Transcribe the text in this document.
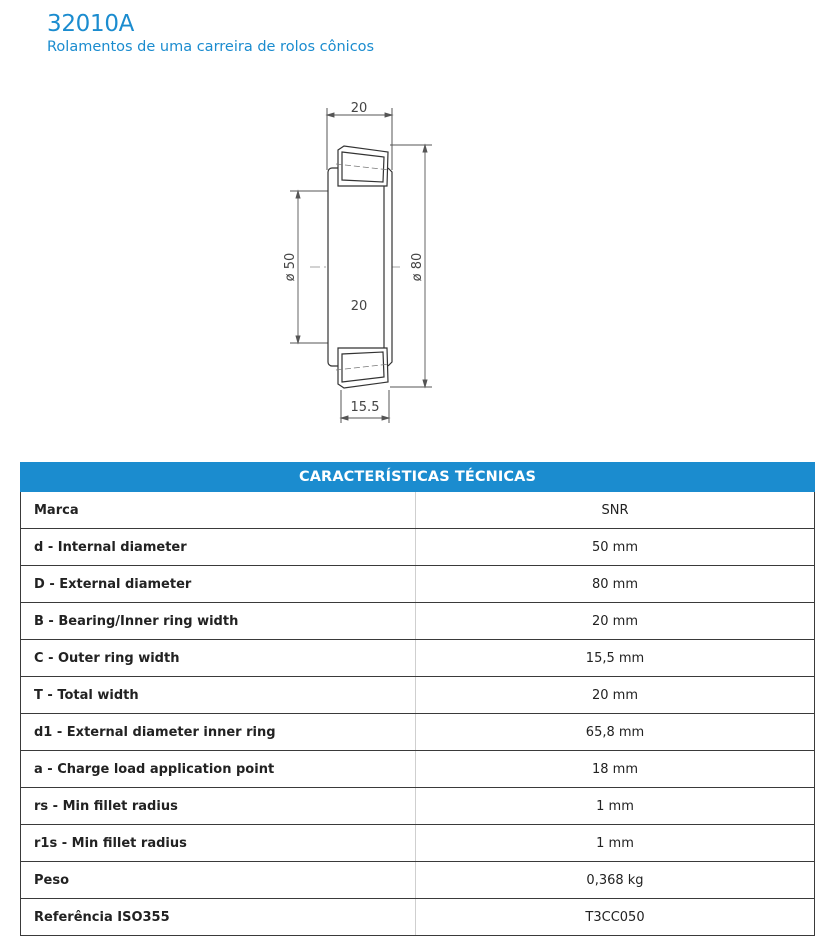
32010A
Rolamentos de uma carreira de rolos cônicos
20
20
15.5
ø 50	ø 80
CARACTERÍSTICAS TÉCNICAS	
Marca	SNR
d - Internal diameter	50 mm
D - External diameter	80 mm
B - Bearing/Inner ring width	20 mm
C - Outer ring width	15,5 mm
T - Total width	20 mm
d1 - External diameter inner ring	65,8 mm
a - Charge load application point	18 mm
rs - Min fillet radius	1 mm
r1s - Min fillet radius	1 mm
Peso	0,368 kg
Referência ISO355	T3CC050
